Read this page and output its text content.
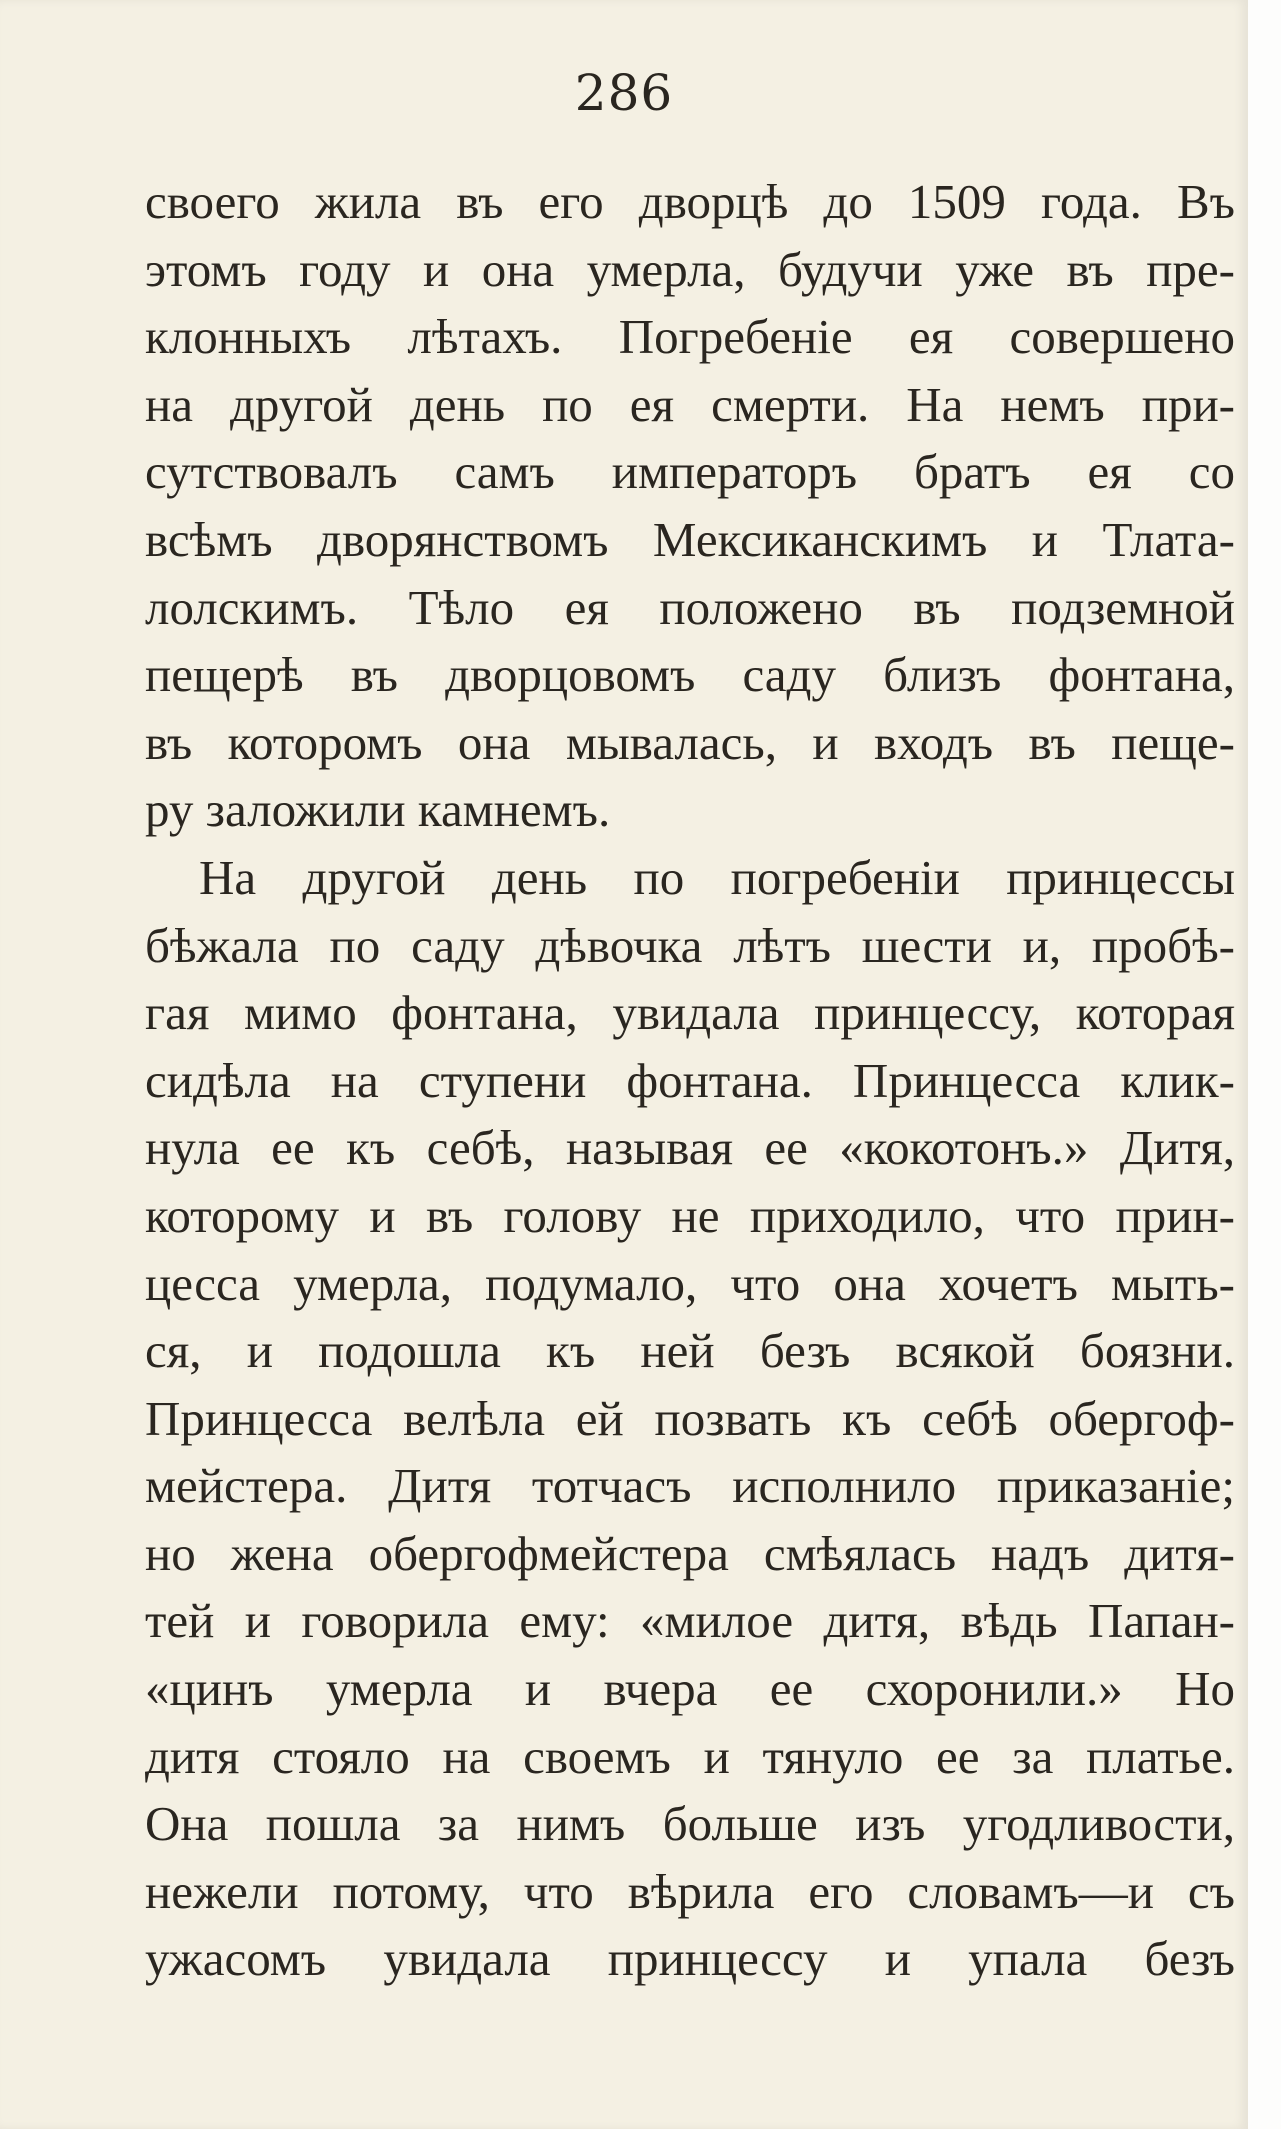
286
своего жила въ его дворцѣ до 1509 года. Въ
этомъ году и она умерла, будучи уже въ пре-
клонныхъ лѣтахъ. Погребеніе ея совершено
на другой день по ея смерти. На немъ при-
сутствовалъ самъ императоръ братъ ея со
всѣмъ дворянствомъ Мексиканскимъ и Тлата-
лолскимъ. Тѣло ея положено въ подземной
пещерѣ въ дворцовомъ саду близъ фонтана,
въ которомъ она мывалась, и входъ въ пеще-
ру заложили камнемъ.
На другой день по погребеніи принцессы
бѣжала по саду дѣвочка лѣтъ шести и, пробѣ-
гая мимо фонтана, увидала принцессу, которая
сидѣла на ступени фонтана. Принцесса клик-
нула ее къ себѣ, называя ее «кокотонъ.» Дитя,
которому и въ голову не приходило, что прин-
цесса умерла, подумало, что она хочетъ мыть-
ся, и подошла къ ней безъ всякой боязни.
Принцесса велѣла ей позвать къ себѣ обергоф-
мейстера. Дитя тотчасъ исполнило приказаніе;
но жена обергофмейстера смѣялась надъ дитя-
тей и говорила ему: «милое дитя, вѣдь Папан-
«цинъ умерла и вчера ее схоронили.» Но
дитя стояло на своемъ и тянуло ее за платье.
Она пошла за нимъ больше изъ угодливости,
нежели потому, что вѣрила его словамъ—и съ
ужасомъ увидала принцессу и упала безъ
